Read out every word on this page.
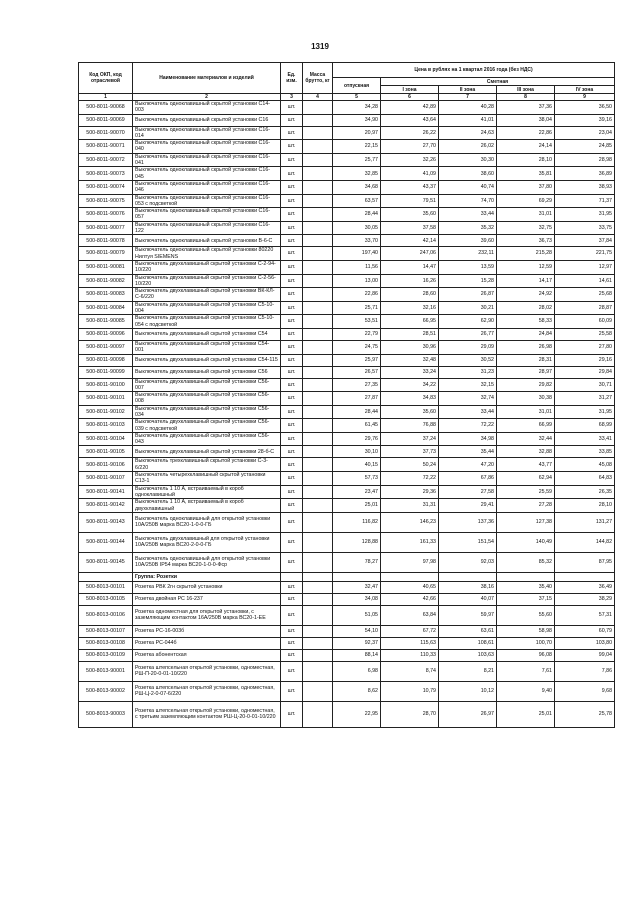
1319
Код ОКП, код отраслевой	Наименование материалов и изделий	Ед. изм.	Масса брутто, кг	Цена в рублях на 1 квартал 2016 года (без НДС)				
				отпускная	Сметная			
					I зона	II зона	III зона	IV зона
1	2	3	4	5	6	7	8	9
500-8011-90068	Выключатель одноклавишный скрытой установки С14-003	шт.		34,28	42,89	40,28	37,36	36,50
500-8011-90069	Выключатель одноклавишный скрытой установки С16	шт.		34,90	43,64	41,01	38,04	39,16
500-8011-90070	Выключатель одноклавишный скрытой установки С16-014	шт.		20,97	26,22	24,63	22,86	23,04
500-8011-90071	Выключатель одноклавишный скрытой установки С16-040	шт.		22,15	27,70	26,02	24,14	24,85
500-8011-90072	Выключатель одноклавишный скрытой установки С16-041	шт.		25,77	32,26	30,30	28,10	28,98
500-8011-90073	Выключатель одноклавишный скрытой установки С16-045	шт.		32,85	41,09	38,60	35,81	36,89
500-8011-90074	Выключатель одноклавишный скрытой установки С16-046	шт.		34,68	43,37	40,74	37,80	38,93
500-8011-90075	Выключатель одноклавишный скрытой установки С16-053 с подсветкой	шт.		63,57	79,51	74,70	69,29	71,37
500-8011-90076	Выключатель одноклавишный скрытой установки С16-057	шт.		28,44	35,60	33,44	31,01	31,95
500-8011-90077	Выключатель одноклавишный скрытой установки С16-122	шт.		30,05	37,58	35,32	32,75	33,75
500-8011-90078	Выключатель одноклавишный скрытой установки В-6-С	шт.		33,70	42,14	39,60	36,73	37,84
500-8011-90079	Выключатель одноклавишный скрытой установки 80220 Нилтуя SIEMENS	шт.		197,40	247,06	232,11	215,28	221,75
500-8011-90081	Выключатель двухклавишный скрытой установки С-2-94-10/220	шт.		11,56	14,47	13,59	12,59	12,97
500-8011-90082	Выключатель двухклавишный скрытой установки С-2-56-10/220	шт.		13,00	16,26	15,28	14,17	14,61
500-8011-90083	Выключатель двухклавишный скрытой установки ВК-КЛ-С-6/220	шт.		22,86	28,60	26,87	24,92	25,68
500-8011-90084	Выключатель двухклавишный скрытой установки С5-10-004	шт.		25,71	32,16	30,21	28,02	28,87
500-8011-90085	Выключатель двухклавишный скрытой установки С5-10-054 с подсветкой	шт.		53,51	66,95	62,90	58,33	60,09
500-8011-90096	Выключатель двухклавишный скрытой установки С54	шт.		22,79	28,51	26,77	24,84	25,58
500-8011-90097	Выключатель двухклавишный скрытой установки С54-001	шт.		24,75	30,96	29,09	26,98	27,80
500-8011-90098	Выключатель двухклавишный скрытой установки С54-115	шт.		25,97	32,48	30,52	28,31	29,16
500-8011-90099	Выключатель двухклавишный скрытой установки С56	шт.		26,57	33,24	31,23	28,97	29,84
500-8011-90100	Выключатель двухклавишный скрытой установки С56-007	шт.		27,35	34,22	32,15	29,82	30,71
500-8011-90101	Выключатель двухклавишный скрытой установки С56-008	шт.		27,87	34,83	32,74	30,38	31,27
500-8011-90102	Выключатель двухклавишный скрытой установки С56-034	шт.		28,44	35,60	33,44	31,01	31,95
500-8011-90103	Выключатель двухклавишный скрытой установки С56-039 с подсветкой	шт.		61,45	76,88	72,22	66,99	68,99
500-8011-90104	Выключатель двухклавишный скрытой установки С56-043	шт.		29,76	37,24	34,98	32,44	33,41
500-8011-90105	Выключатель двухклавишный скрытой установки 28-б-С	шт.		30,10	37,73	35,44	32,88	33,85
500-8011-90106	Выключатель трехклавишный скрытой установки С-3-6/220	шт.		40,15	50,24	47,20	43,77	45,08
500-8011-90107	Выключатель четырехклавишный скрытой установки С13-1	шт.		57,73	72,22	67,86	62,94	64,83
500-8011-90141	Выключатель 1 10 А, встраиваемый в короб одноклавишный	шт.		23,47	29,36	27,58	25,59	26,35
500-8011-90142	Выключатель 1 10 А, встраиваемый в короб двухклавишный	шт.		25,01	31,31	29,41	27,28	28,10
500-8011-90143	Выключатель одноклавишный для открытой установки 10А/250В марка ВС20-1-0-0-ГБ	шт.		116,82	146,23	137,36	127,38	131,27
500-8011-90144	Выключатель двухклавишный для открытой установки 10А/250В марка ВС20-2-0-0-ГБ	шт.		128,88	161,33	151,54	140,49	144,82
500-8011-90145	Выключатель одноклавишный для открытой установки 10А/250В IP54 марка ВС20-1-0-0-Фср	шт.		78,27	97,98	92,03	85,32	87,95
	Группа: Розетки							
500-8013-00101	Розетка РВК 2гн скрытой установки	шт.		32,47	40,65	38,16	35,40	36,49
500-8013-00105	Розетка двойная РС 16-237	шт.		34,08	42,66	40,07	37,15	38,29
500-8013-00106	Розетка одноместная для открытой установки, с заземляющим контактом 16А/250В марка ВС20-1-ЕЕ	шт.		51,05	63,84	59,97	55,60	57,31
500-8013-00107	Розетка РС-16-003б	шт.		54,10	67,72	63,61	58,98	60,79
500-8013-00108	Розетка РС-044б	шт.		92,37	115,63	108,61	100,70	103,80
500-8013-00109	Розетка абонентская	шт.		88,14	110,33	103,63	96,08	99,04
500-8013-90001	Розетка штепсельная открытой установки, одноместная, РШ-П-20-0-01-10/220	шт.		6,98	8,74	8,21	7,61	7,86
500-8013-90002	Розетка штепсельная открытой установки, одноместная, РШ-Ц-2-0-07-6/220	шт.		8,62	10,79	10,12	9,40	9,68
500-8013-90003	Розетка штепсельная открытой установки, одноместная, с третьим заземляющим контактом РШ-Ц-20-0-01-10/220	шт.		22,95	28,70	26,97	25,01	25,78
